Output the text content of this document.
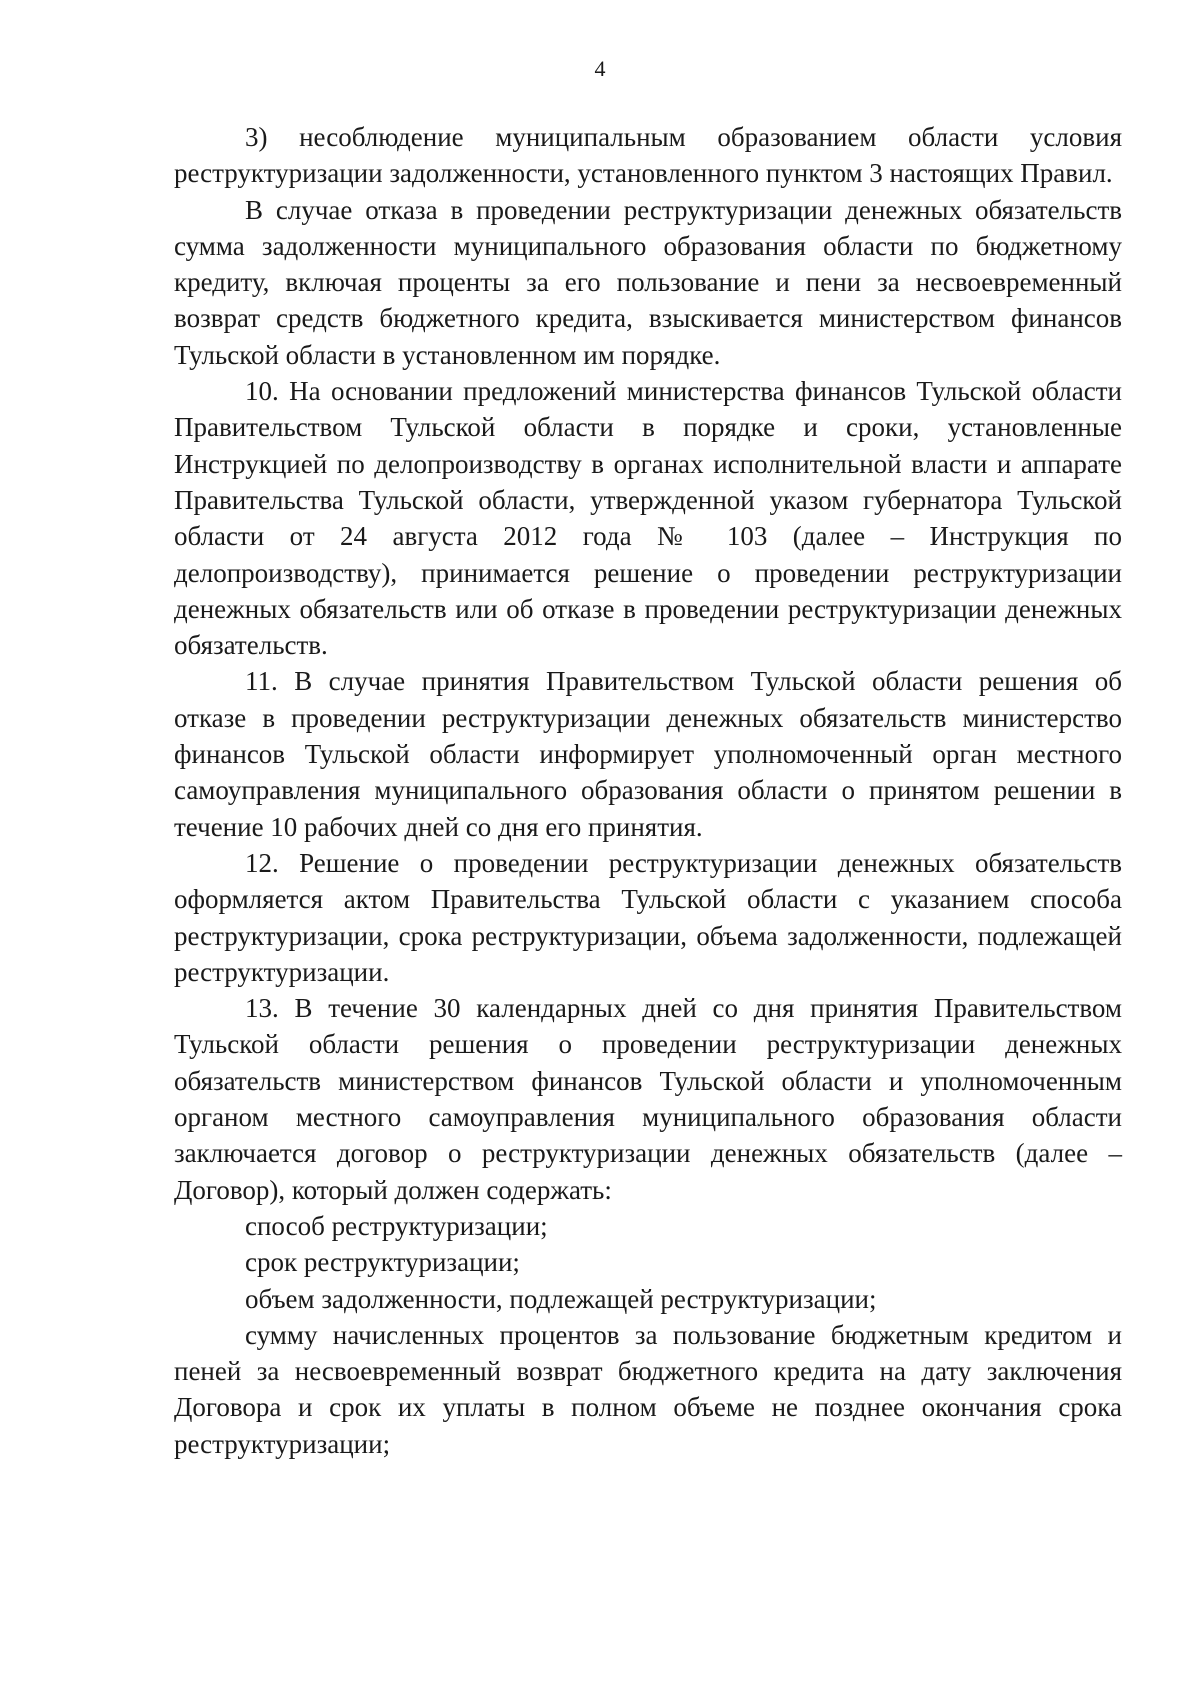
4

3) несоблюдение муниципальным образованием области условия реструктуризации задолженности, установленного пунктом 3 настоящих Правил.

В случае отказа в проведении реструктуризации денежных обязательств сумма задолженности муниципального образования области по бюджетному кредиту, включая проценты за его пользование и пени за несвоевременный возврат средств бюджетного кредита, взыскивается министерством финансов Тульской области в установленном им порядке.

10. На основании предложений министерства финансов Тульской области Правительством Тульской области в порядке и сроки, установленные Инструкцией по делопроизводству в органах исполнительной власти и аппарате Правительства Тульской области, утвержденной указом губернатора Тульской области от 24 августа 2012 года № 103 (далее – Инструкция по делопроизводству), принимается решение о проведении реструктуризации денежных обязательств или об отказе в проведении реструктуризации денежных обязательств.

11. В случае принятия Правительством Тульской области решения об отказе в проведении реструктуризации денежных обязательств министерство финансов Тульской области информирует уполномоченный орган местного самоуправления муниципального образования области о принятом решении в течение 10 рабочих дней со дня его принятия.

12. Решение о проведении реструктуризации денежных обязательств оформляется актом Правительства Тульской области с указанием способа реструктуризации, срока реструктуризации, объема задолженности, подлежащей реструктуризации.

13. В течение 30 календарных дней со дня принятия Правительством Тульской области решения о проведении реструктуризации денежных обязательств министерством финансов Тульской области и уполномоченным органом местного самоуправления муниципального образования области заключается договор о реструктуризации денежных обязательств (далее – Договор), который должен содержать:

способ реструктуризации;

срок реструктуризации;

объем задолженности, подлежащей реструктуризации;

сумму начисленных процентов за пользование бюджетным кредитом и пеней за несвоевременный возврат бюджетного кредита на дату заключения Договора и срок их уплаты в полном объеме не позднее окончания срока реструктуризации;
